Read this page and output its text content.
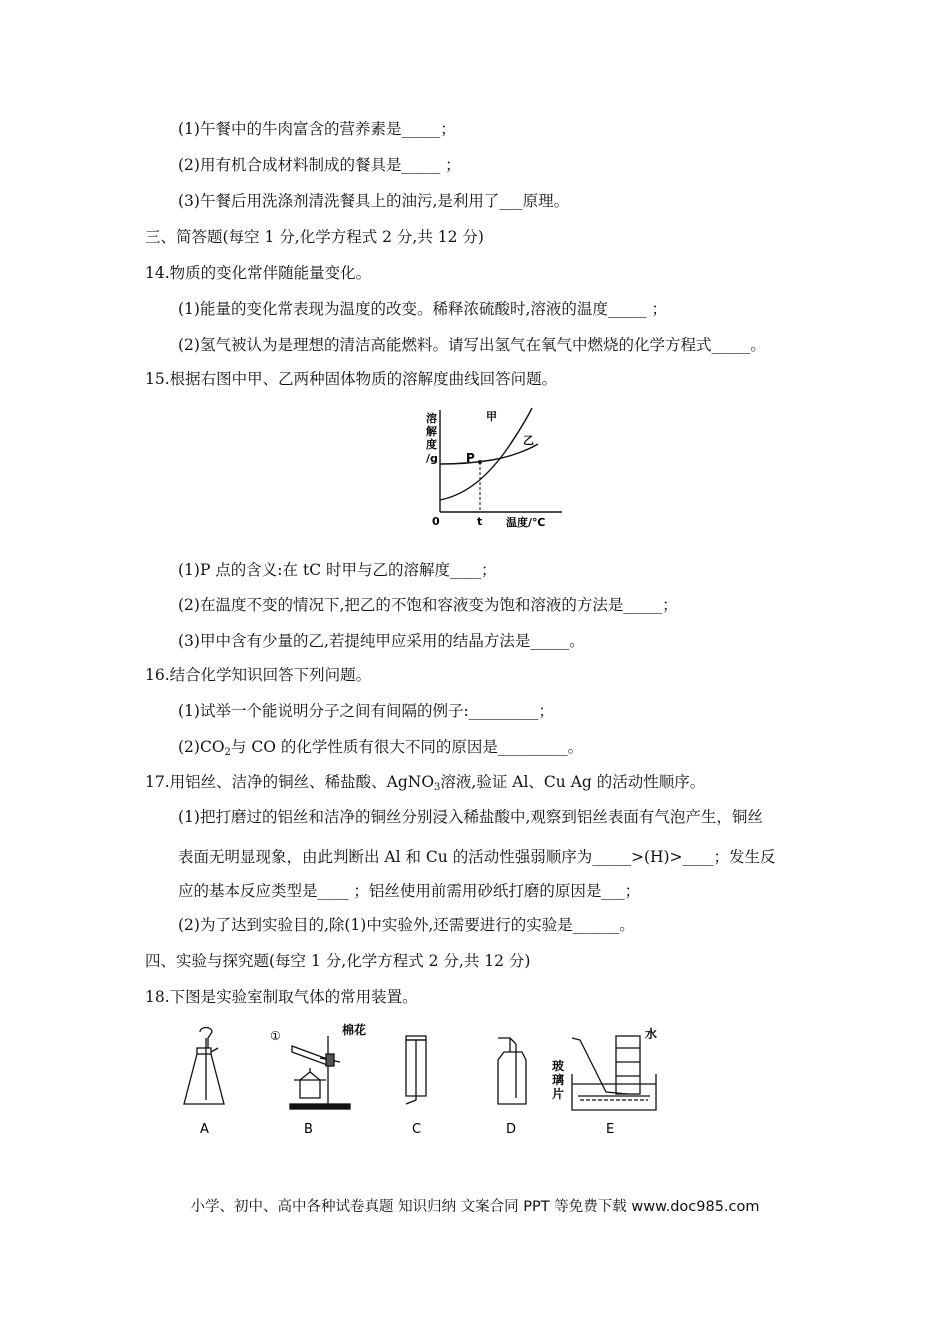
(1)午餐中的牛肉富含的营养素是_____；
(2)用有机合成材料制成的餐具是_____ ；
(3)午餐后用洗涤剂清洗餐具上的油污,是利用了___原理。
三、简答题(每空 1 分,化学方程式 2 分,共 12 分)
14.物质的变化常伴随能量变化。
(1)能量的变化常表现为温度的改变。稀释浓硫酸时,溶液的温度_____ ；
(2)氢气被认为是理想的清洁高能燃料。请写出氢气在氧气中燃烧的化学方程式_____。
15.根据右图中甲、乙两种固体物质的溶解度曲线回答问题。
溶
解
度
/g
甲
乙
P
0	t 温度/℃
(1)P 点的含义:在 tC 时甲与乙的溶解度____；
(2)在温度不变的情况下,把乙的不饱和容液变为饱和溶液的方法是_____；
(3)甲中含有少量的乙,若提纯甲应采用的结晶方法是_____。
16.结合化学知识回答下列问题。
(1)试举一个能说明分子之间有间隔的例子:_________；
$(2)CO_2$与 CO 的化学性质有很大不同的原因是_________。
17.用铝丝、洁净的铜丝、稀盐酸、AgNO$_3$溶液,验证 Al、Cu Ag 的活动性顺序。
(1)把打磨过的铝丝和洁净的铜丝分别浸入稀盐酸中,观察到铝丝表面有气泡产生，铜丝
表面无明显现象，由此判断出 Al 和 Cu 的活动性强弱顺序为_____>(H)>____；发生反
应的基本反应类型是____ ；铝丝使用前需用砂纸打磨的原因是___；
(2)为了达到实验目的,除(1)中实验外,还需要进行的实验是______。
四、实验与探究题(每空 1 分,化学方程式 2 分,共 12 分)
18.下图是实验室制取气体的常用装置。
①	棉花	水
玻
璃
片
A	B	C	D	E
小学、初中、高中各种试卷真题 知识归纳 文案合同 PPT 等免费下载 www.doc985.com
